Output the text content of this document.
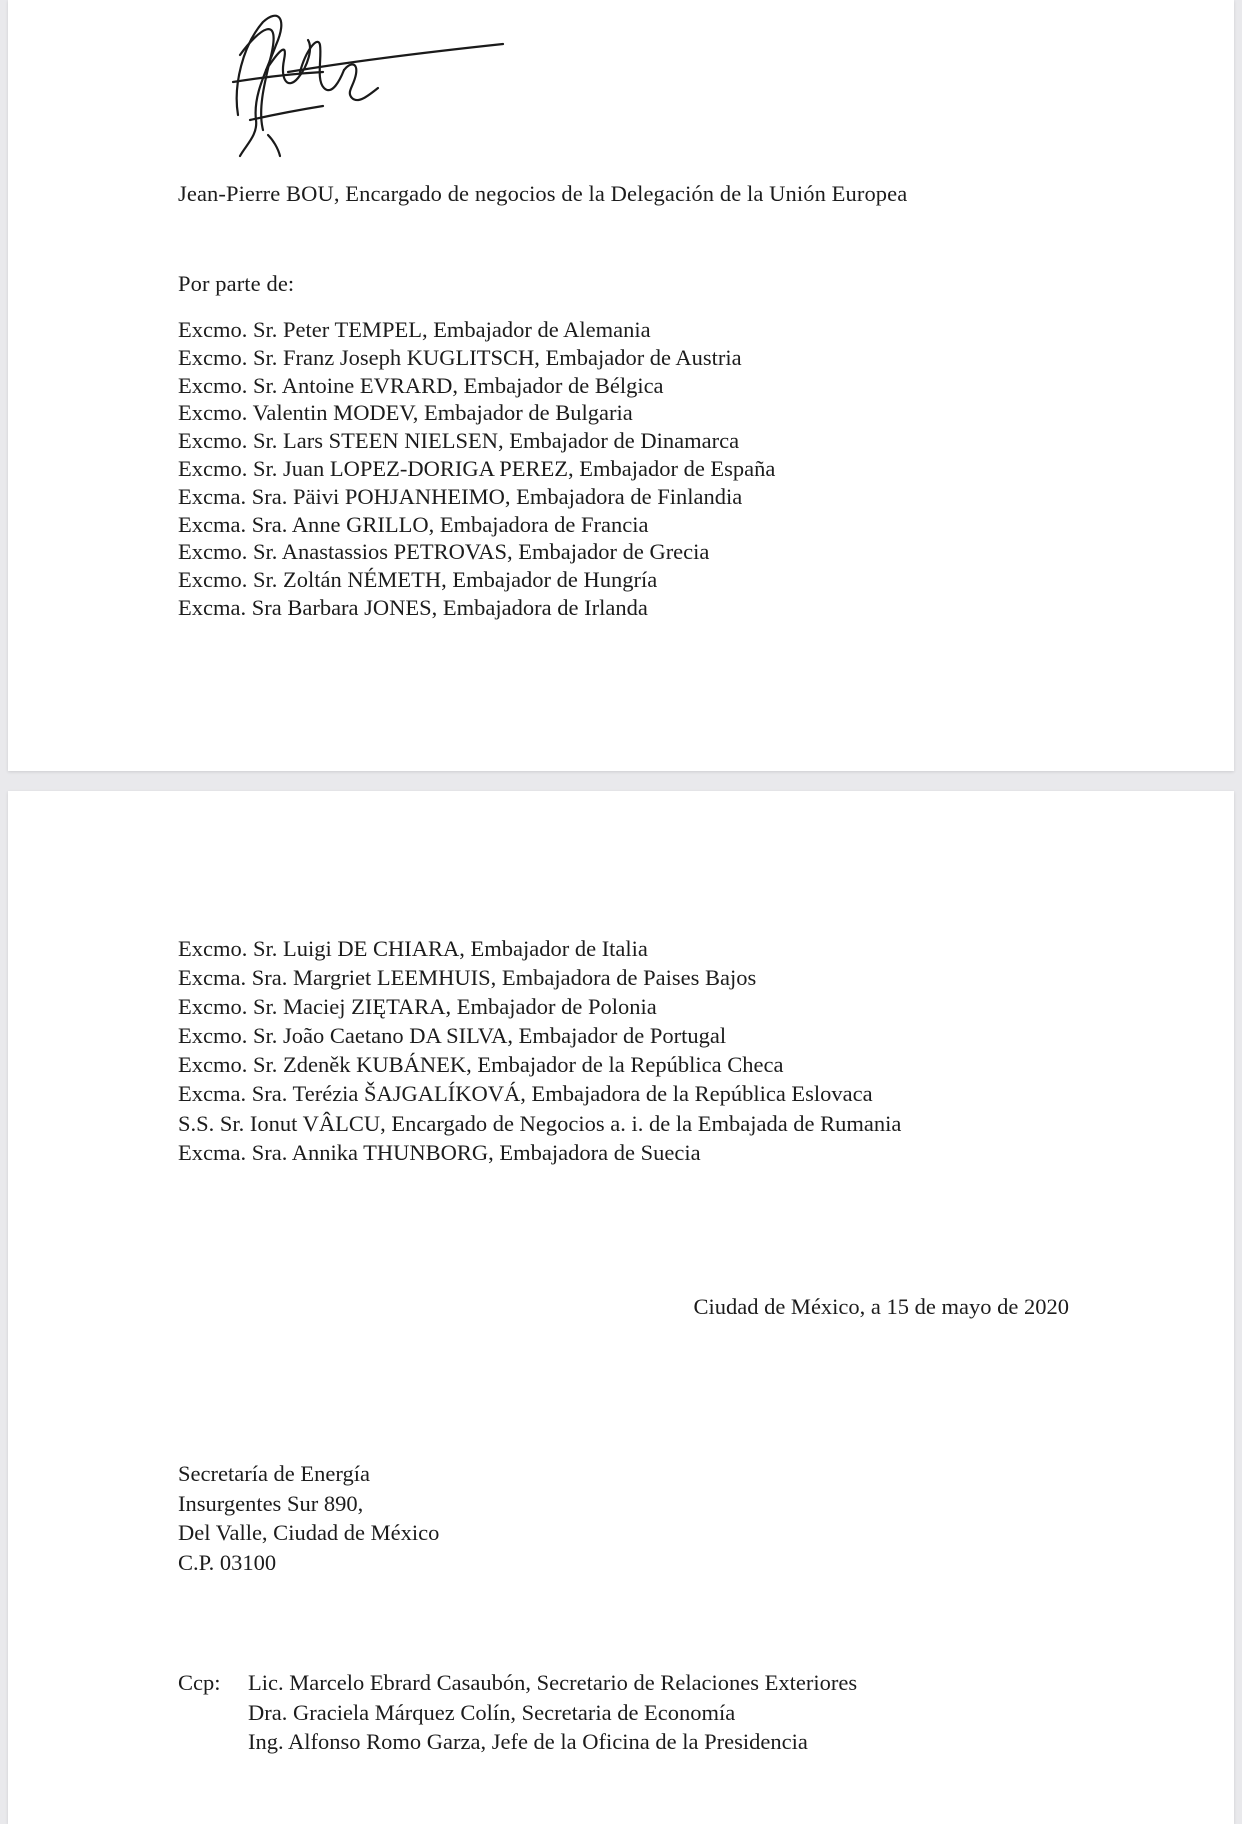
Jean-Pierre BOU, Encargado de negocios de la Delegación de la Unión Europea
Por parte de:
Excmo. Sr. Peter TEMPEL, Embajador de Alemania
Excmo. Sr. Franz Joseph KUGLITSCH, Embajador de Austria
Excmo. Sr. Antoine EVRARD, Embajador de Bélgica
Excmo. Valentin MODEV, Embajador de Bulgaria
Excmo. Sr. Lars STEEN NIELSEN, Embajador de Dinamarca
Excmo. Sr. Juan LOPEZ-DORIGA PEREZ, Embajador de España
Excma. Sra. Päivi POHJANHEIMO, Embajadora de Finlandia
Excma. Sra. Anne GRILLO, Embajadora de Francia
Excmo. Sr. Anastassios PETROVAS, Embajador de Grecia
Excmo. Sr. Zoltán NÉMETH, Embajador de Hungría
Excma. Sra Barbara JONES, Embajadora de Irlanda
Excmo. Sr. Luigi DE CHIARA, Embajador de Italia
Excma. Sra. Margriet LEEMHUIS, Embajadora de Paises Bajos
Excmo. Sr. Maciej ZIĘTARA, Embajador de Polonia
Excmo. Sr. João Caetano DA SILVA, Embajador de Portugal
Excmo. Sr. Zdeněk KUBÁNEK, Embajador de la República Checa
Excma. Sra. Terézia ŠAJGALÍKOVÁ, Embajadora de la República Eslovaca
S.S. Sr. Ionut VÂLCU, Encargado de Negocios a. i. de la Embajada de Rumania
Excma. Sra. Annika THUNBORG, Embajadora de Suecia
Ciudad de México, a 15 de mayo de 2020
Secretaría de Energía
Insurgentes Sur 890,
Del Valle, Ciudad de México
C.P. 03100
Ccp:	Lic. Marcelo Ebrard Casaubón, Secretario de Relaciones Exteriores
Dra. Graciela Márquez Colín, Secretaria de Economía
Ing. Alfonso Romo Garza, Jefe de la Oficina de la Presidencia
